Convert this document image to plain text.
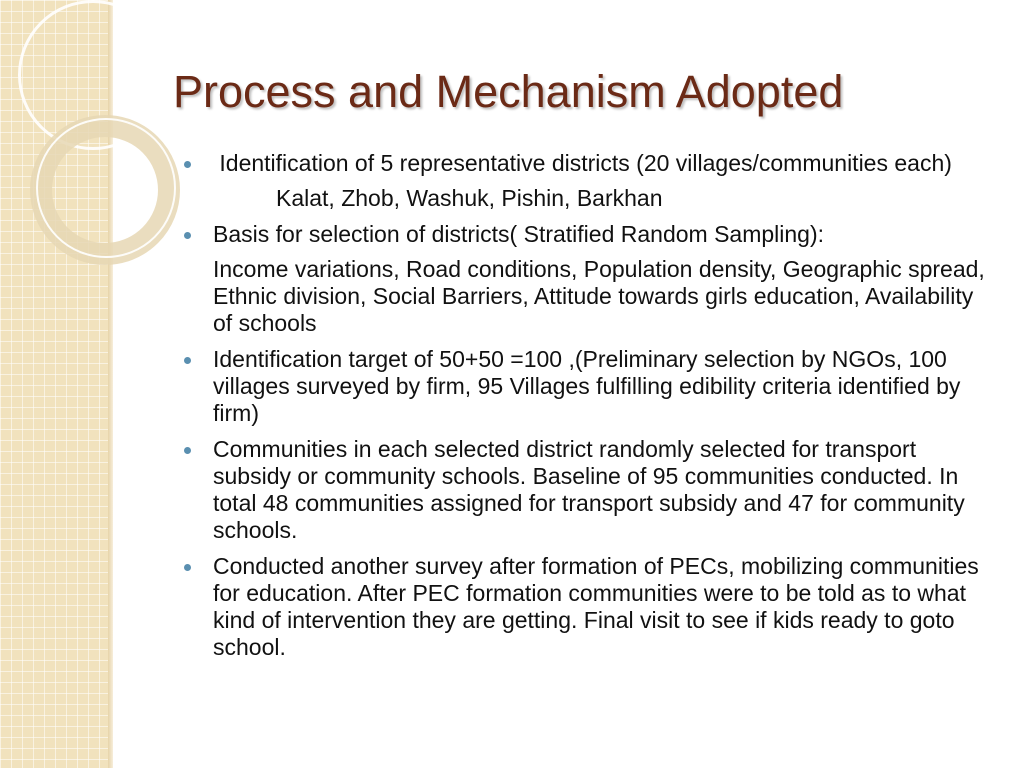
Process and Mechanism Adopted
Identification of 5 representative districts (20 villages/communities each)
Kalat, Zhob, Washuk, Pishin, Barkhan
Basis for selection of districts( Stratified Random Sampling):
Income variations, Road conditions, Population density, Geographic spread, Ethnic division, Social Barriers, Attitude towards girls education, Availability of schools
Identification target of 50+50 =100 ,(Preliminary selection by NGOs, 100 villages surveyed by firm, 95 Villages fulfilling edibility criteria identified by firm)
Communities in each selected district randomly selected for transport subsidy or community schools. Baseline of 95 communities conducted. In total 48 communities assigned for transport subsidy and 47 for community schools.
Conducted another survey after formation of PECs, mobilizing communities for education. After PEC formation communities were to be told as to what kind of intervention they are getting. Final visit to see if kids ready to goto school.
